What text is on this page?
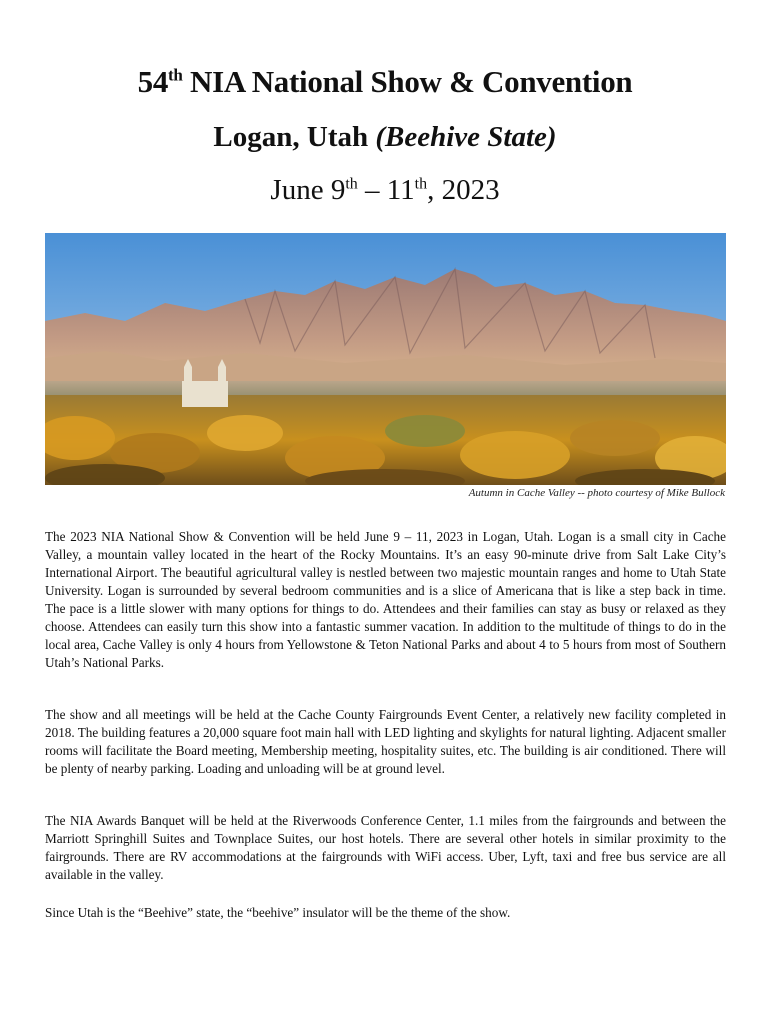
54th NIA National Show & Convention
Logan, Utah (Beehive State)
June 9th – 11th, 2023
Autumn in Cache Valley -- photo courtesy of Mike Bullock

The 2023 NIA National Show & Convention will be held June 9 – 11, 2023 in Logan, Utah. Logan is a small city in Cache Valley, a mountain valley located in the heart of the Rocky Mountains. It’s an easy 90-minute drive from Salt Lake City’s International Airport. The beautiful agricultural valley is nestled between two majestic mountain ranges and home to Utah State University. Logan is surrounded by several bedroom communities and is a slice of Americana that is like a step back in time. The pace is a little slower with many options for things to do. Attendees and their families can stay as busy or relaxed as they choose. Attendees can easily turn this show into a fantastic summer vacation. In addition to the multitude of things to do in the local area, Cache Valley is only 4 hours from Yellowstone & Teton National Parks and about 4 to 5 hours from most of Southern Utah’s National Parks.

The show and all meetings will be held at the Cache County Fairgrounds Event Center, a relatively new facility completed in 2018. The building features a 20,000 square foot main hall with LED lighting and skylights for natural lighting. Adjacent smaller rooms will facilitate the Board meeting, Membership meeting, hospitality suites, etc. The building is air conditioned. There will be plenty of nearby parking. Loading and unloading will be at ground level.

The NIA Awards Banquet will be held at the Riverwoods Conference Center, 1.1 miles from the fairgrounds and between the Marriott Springhill Suites and Townplace Suites, our host hotels. There are several other hotels in similar proximity to the fairgrounds. There are RV accommodations at the fairgrounds with WiFi access. Uber, Lyft, taxi and free bus service are all available in the valley.

Since Utah is the “Beehive” state, the “beehive” insulator will be the theme of the show.
